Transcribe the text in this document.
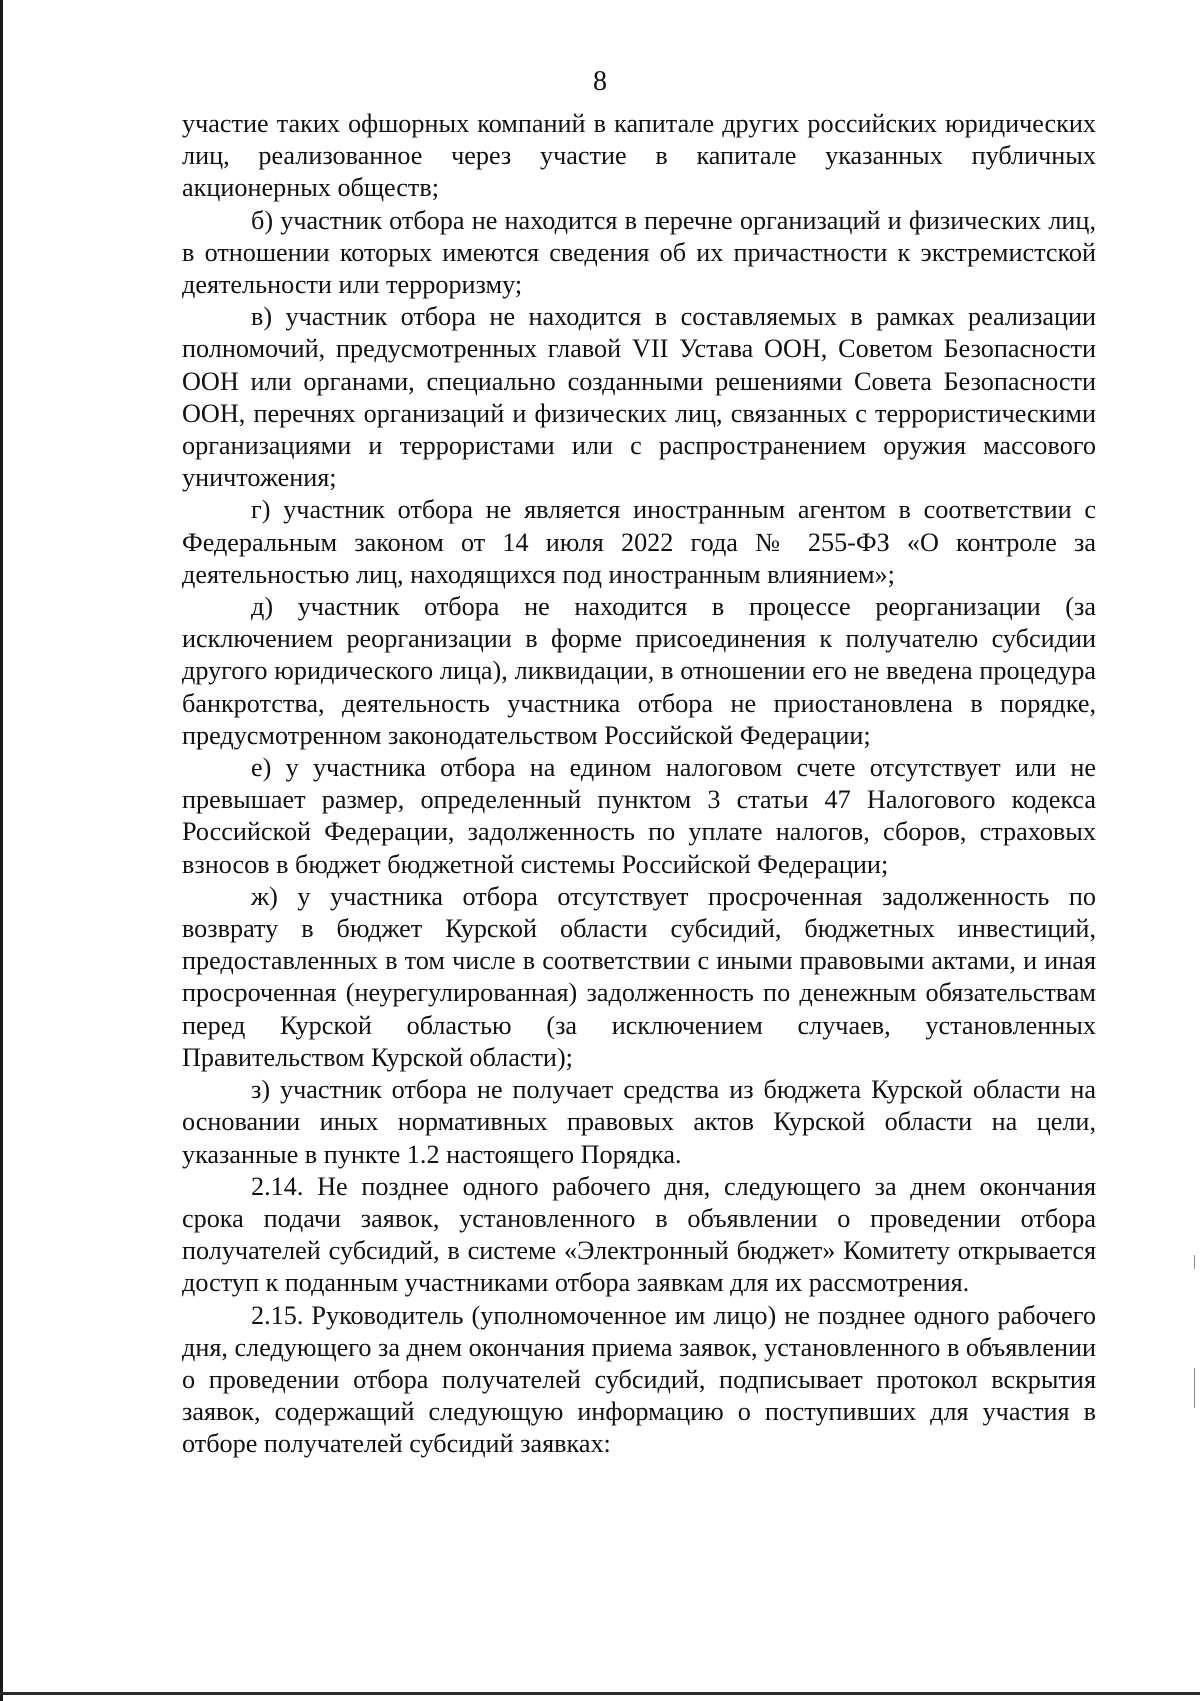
8

участие таких офшорных компаний в капитале других российских юридических лиц, реализованное через участие в капитале указанных публичных акционерных обществ;

б) участник отбора не находится в перечне организаций и физических лиц, в отношении которых имеются сведения об их причастности к экстремистской деятельности или терроризму;

в) участник отбора не находится в составляемых в рамках реализации полномочий, предусмотренных главой VII Устава ООН, Советом Безопасности ООН или органами, специально созданными решениями Совета Безопасности ООН, перечнях организаций и физических лиц, связанных с террористическими организациями и террористами или с распространением оружия массового уничтожения;

г) участник отбора не является иностранным агентом в соответствии с Федеральным законом от 14 июля 2022 года № 255-ФЗ «О контроле за деятельностью лиц, находящихся под иностранным влиянием»;

д) участник отбора не находится в процессе реорганизации (за исключением реорганизации в форме присоединения к получателю субсидии другого юридического лица), ликвидации, в отношении его не введена процедура банкротства, деятельность участника отбора не приостановлена в порядке, предусмотренном законодательством Российской Федерации;

е) у участника отбора на едином налоговом счете отсутствует или не превышает размер, определенный пунктом 3 статьи 47 Налогового кодекса Российской Федерации, задолженность по уплате налогов, сборов, страховых взносов в бюджет бюджетной системы Российской Федерации;

ж) у участника отбора отсутствует просроченная задолженность по возврату в бюджет Курской области субсидий, бюджетных инвестиций, предоставленных в том числе в соответствии с иными правовыми актами, и иная просроченная (неурегулированная) задолженность по денежным обязательствам перед Курской областью (за исключением случаев, установленных Правительством Курской области);

з) участник отбора не получает средства из бюджета Курской области на основании иных нормативных правовых актов Курской области на цели, указанные в пункте 1.2 настоящего Порядка.

2.14. Не позднее одного рабочего дня, следующего за днем окончания срока подачи заявок, установленного в объявлении о проведении отбора получателей субсидий, в системе «Электронный бюджет» Комитету открывается доступ к поданным участниками отбора заявкам для их рассмотрения.

2.15. Руководитель (уполномоченное им лицо) не позднее одного рабочего дня, следующего за днем окончания приема заявок, установленного в объявлении о проведении отбора получателей субсидий, подписывает протокол вскрытия заявок, содержащий следующую информацию о поступивших для участия в отборе получателей субсидий заявках:
